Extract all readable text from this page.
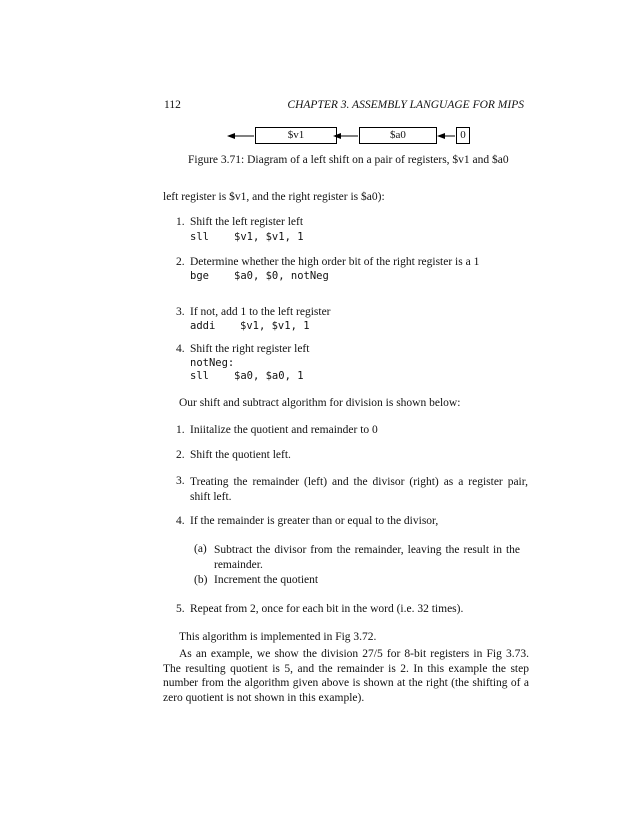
112	CHAPTER 3. ASSEMBLY LANGUAGE FOR MIPS
$v1	$a0	0
Figure 3.71: Diagram of a left shift on a pair of registers, $v1 and $a0
left register is $v1, and the right register is $a0):
1. Shift the left register left
sll $v1, $v1, 1
2. Determine whether the high order bit of the right register is a 1
bge $a0, $0, notNeg
3. If not, add 1 to the left register
addi $v1, $v1, 1
4. Shift the right register left
notNeg:
sll $a0, $a0, 1
Our shift and subtract algorithm for division is shown below:
1. Iniitalize the quotient and remainder to 0
2. Shift the quotient left.
3. Treating the remainder (left) and the divisor (right) as a register pair, shift left.
4. If the remainder is greater than or equal to the divisor,
(a) Subtract the divisor from the remainder, leaving the result in the remainder.
(b) Increment the quotient
5. Repeat from 2, once for each bit in the word (i.e. 32 times).
This algorithm is implemented in Fig 3.72.
As an example, we show the division 27/5 for 8-bit registers in Fig 3.73. The resulting quotient is 5, and the remainder is 2. In this example the step number from the algorithm given above is shown at the right (the shifting of a zero quotient is not shown in this example).
